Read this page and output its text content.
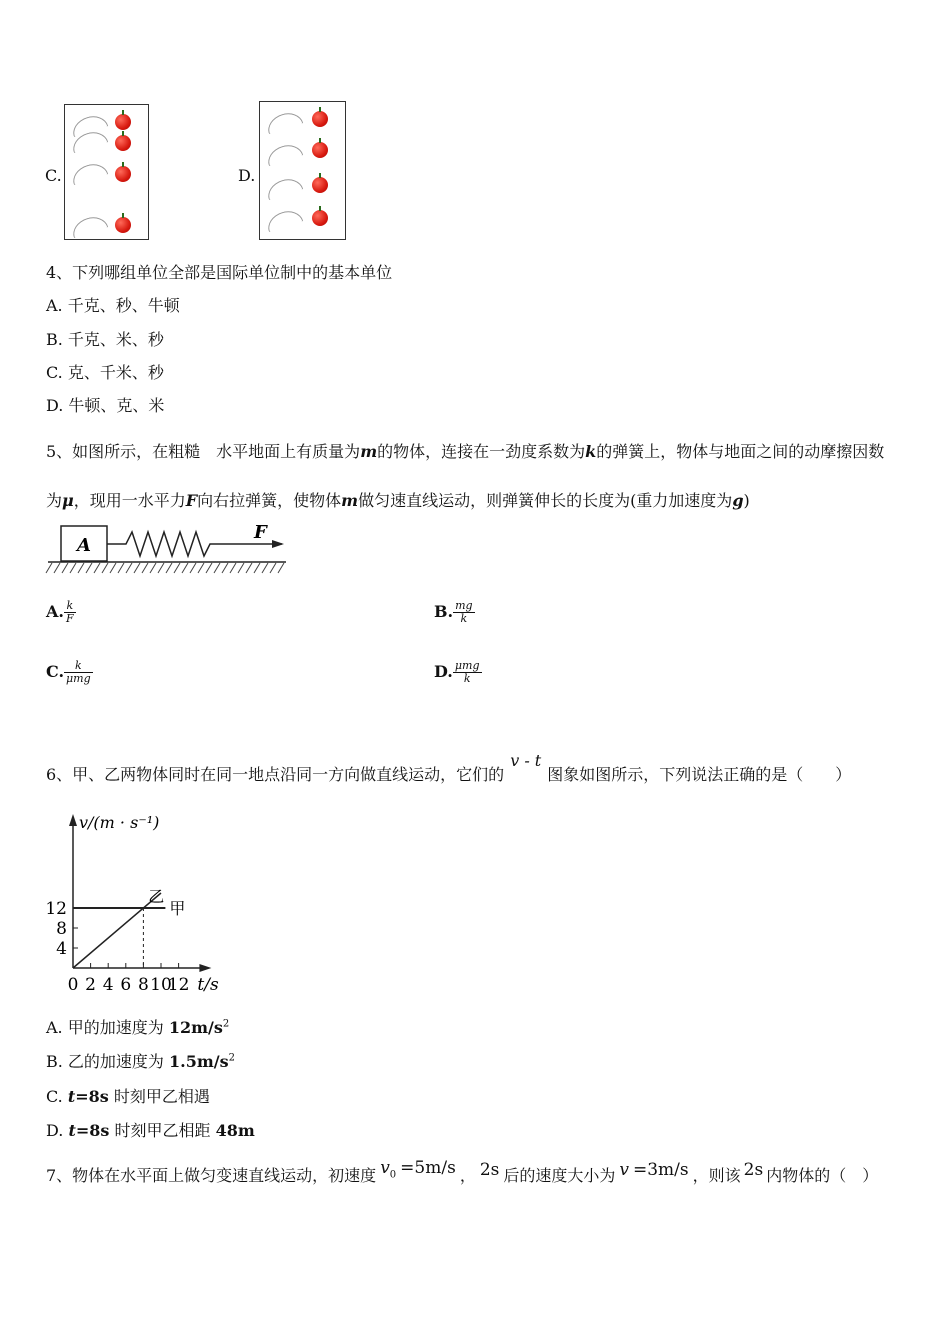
C.	D.
4、下列哪组单位全部是国际单位制中的基本单位
A. 千克、秒、牛顿
B. 千克、米、秒
C. 克、千米、秒
D. 牛顿、克、米
5、如图所示，在粗糙　水平地面上有质量为m的物体，连接在一劲度系数为k的弹簧上，物体与地面之间的动摩擦因数
为μ，现用一水平力F向右拉弹簧，使物体m做匀速直线运动，则弹簧伸长的长度为(重力加速度为g)
A
F
A. $\frac{k}{F}$	B. $\frac{mg}{k}$
C. $\frac{k}{\text{μmg}}$	D. $\frac{\text{μmg}}{k}$
6、甲、乙两物体同时在同一地点沿同一方向做直线运动，它们的v - t图象如图所示，下列说法正确的是（　　）
0 2 4 6 8 10
12
4
8
12	甲
乙
v/(m · s⁻¹)
t/s
A. 甲的加速度为 $12m/s^2$
B. 乙的加速度为 $1.5m/s^2$
C. t=8s 时刻甲乙相遇
D. t=8s 时刻甲乙相距 48m
7、物体在水平面上做匀变速直线运动，初速度 $v_0 =5m/s$ ， 2s 后的速度大小为 v =3m/s ，则该 2s 内物体的（　）
